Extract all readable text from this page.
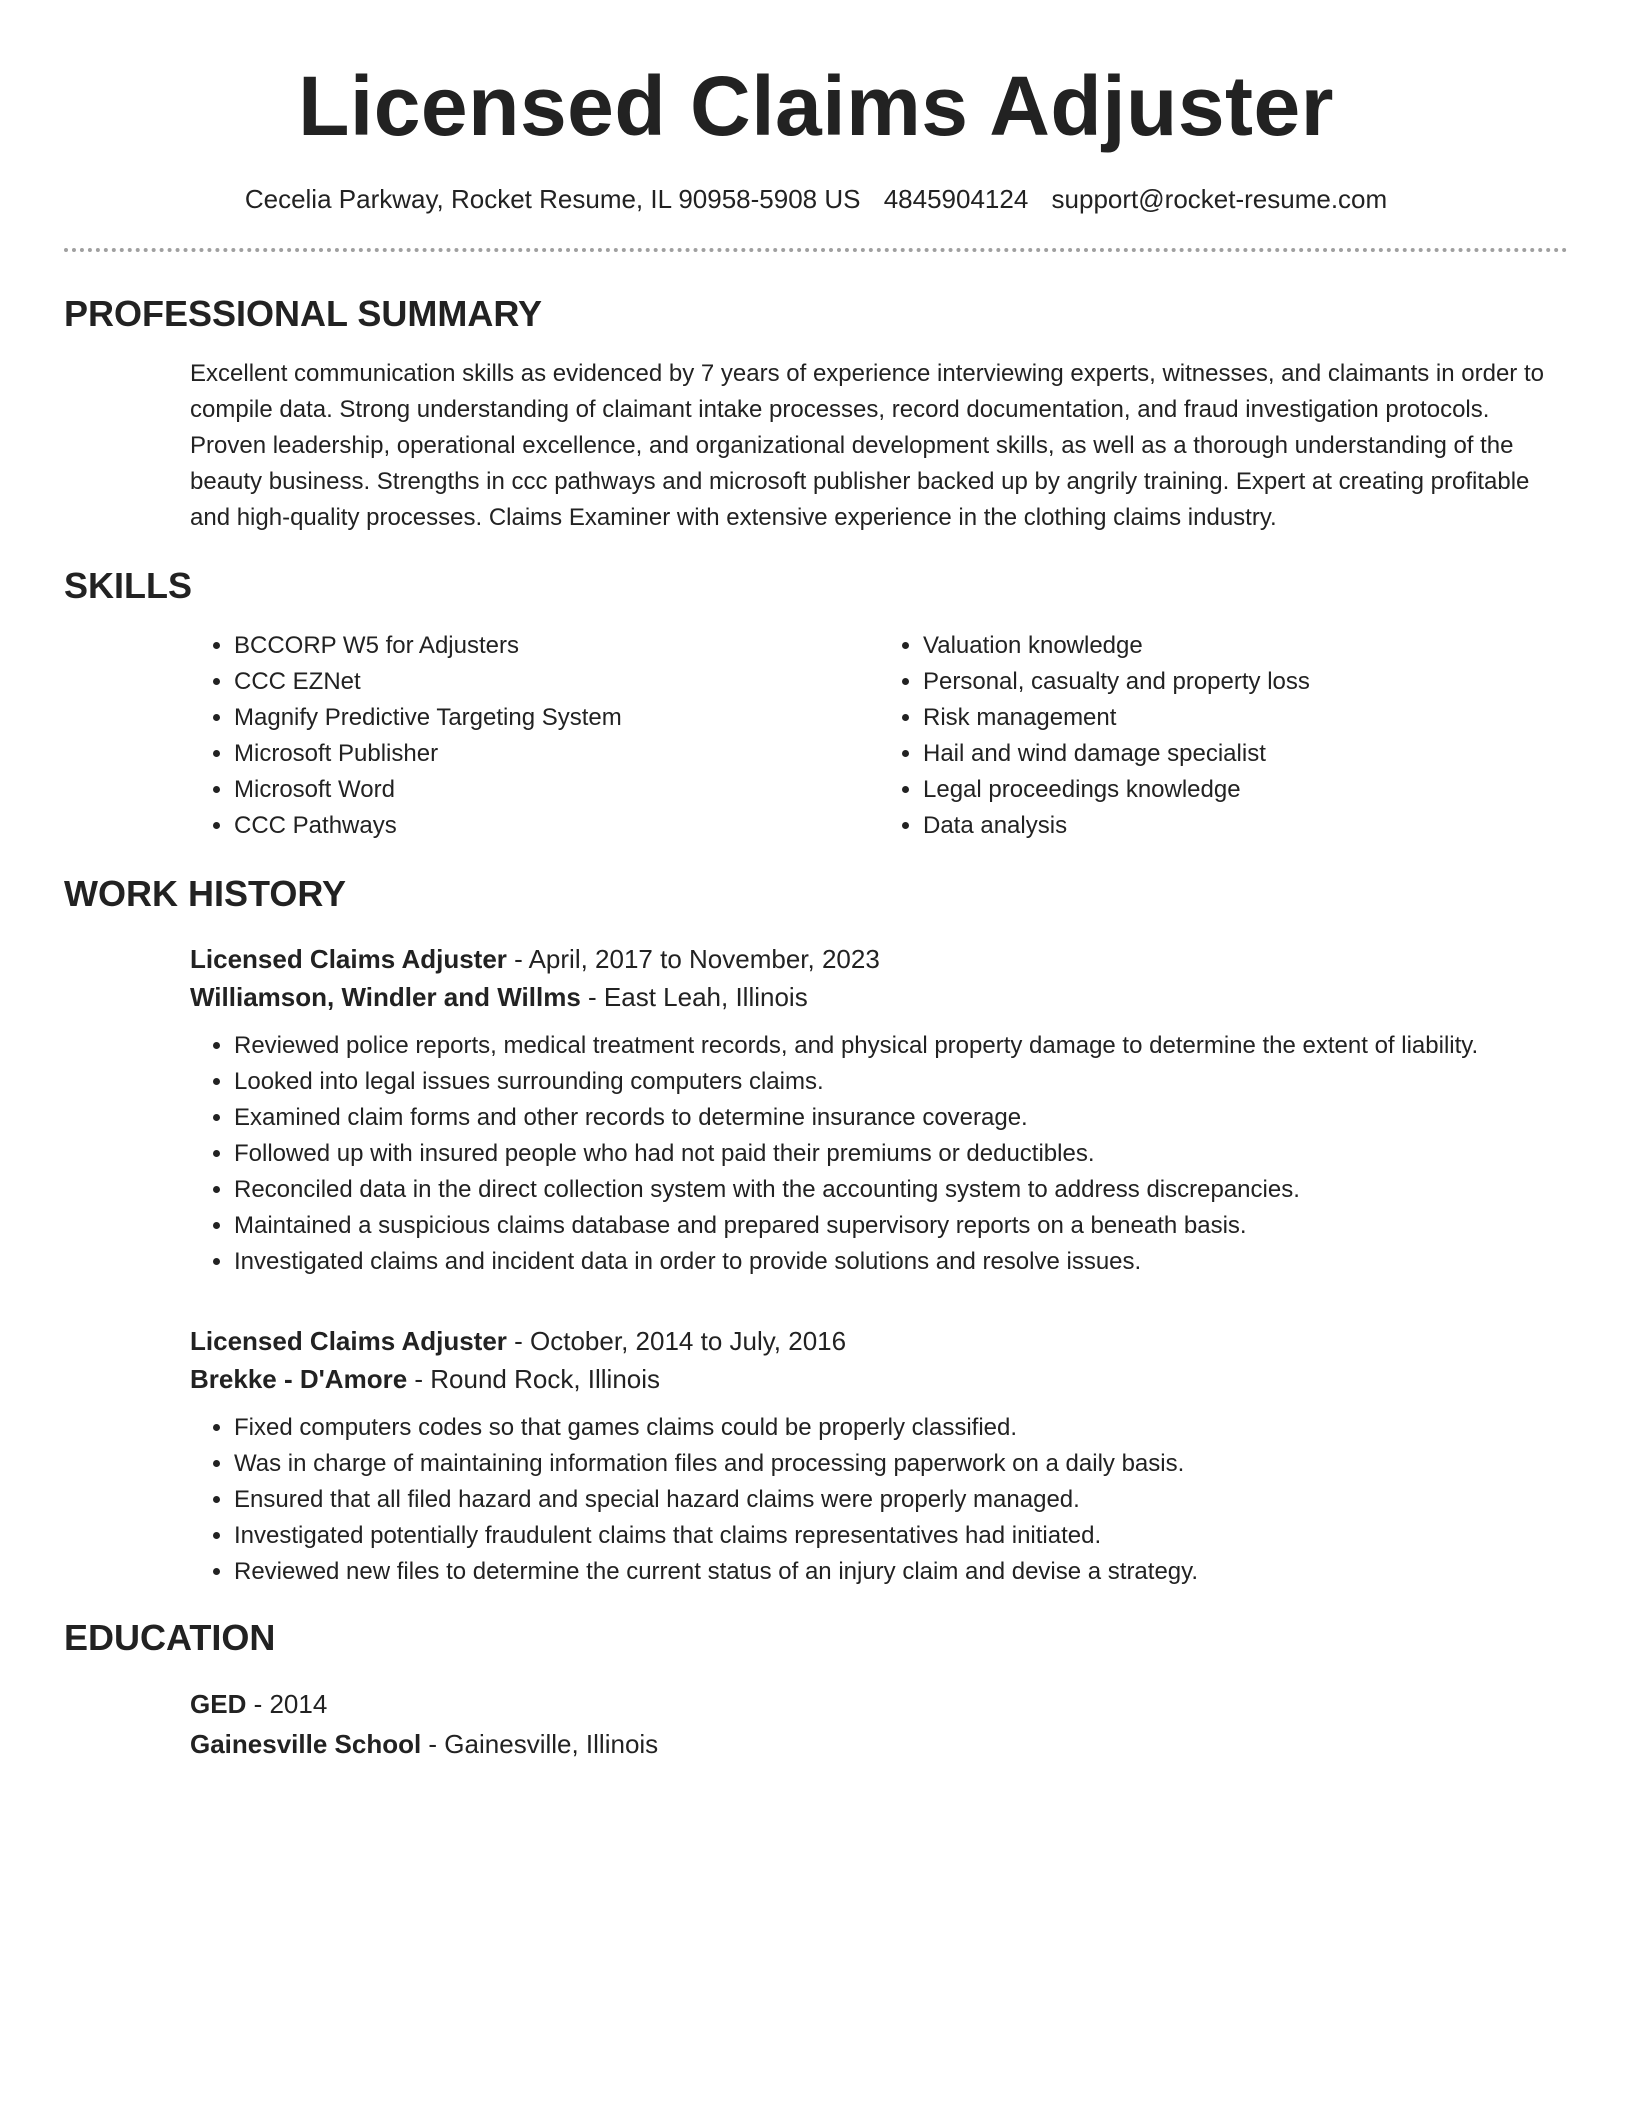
Licensed Claims Adjuster
Cecelia Parkway, Rocket Resume, IL 90958-5908 US 4845904124 support@rocket-resume.com
PROFESSIONAL SUMMARY

Excellent communication skills as evidenced by 7 years of experience interviewing experts, witnesses, and claimants in order to compile data. Strong understanding of claimant intake processes, record documentation, and fraud investigation protocols. Proven leadership, operational excellence, and organizational development skills, as well as a thorough understanding of the beauty business. Strengths in ccc pathways and microsoft publisher backed up by angrily training. Expert at creating profitable and high-quality processes. Claims Examiner with extensive experience in the clothing claims industry.

SKILLS
• BCCORP W5 for Adjusters
• CCC EZNet
• Magnify Predictive Targeting System
• Microsoft Publisher
• Microsoft Word
• CCC Pathways
• Valuation knowledge
• Personal, casualty and property loss
• Risk management
• Hail and wind damage specialist
• Legal proceedings knowledge
• Data analysis
WORK HISTORY
Licensed Claims Adjuster - April, 2017 to November, 2023
Williamson, Windler and Willms - East Leah, Illinois
• Reviewed police reports, medical treatment records, and physical property damage to determine the extent of liability.
• Looked into legal issues surrounding computers claims.
• Examined claim forms and other records to determine insurance coverage.
• Followed up with insured people who had not paid their premiums or deductibles.
• Reconciled data in the direct collection system with the accounting system to address discrepancies.
• Maintained a suspicious claims database and prepared supervisory reports on a beneath basis.
• Investigated claims and incident data in order to provide solutions and resolve issues.
Licensed Claims Adjuster - October, 2014 to July, 2016
Brekke - D'Amore - Round Rock, Illinois
• Fixed computers codes so that games claims could be properly classified.
• Was in charge of maintaining information files and processing paperwork on a daily basis.
• Ensured that all filed hazard and special hazard claims were properly managed.
• Investigated potentially fraudulent claims that claims representatives had initiated.
• Reviewed new files to determine the current status of an injury claim and devise a strategy.
EDUCATION
GED - 2014
Gainesville School - Gainesville, Illinois
